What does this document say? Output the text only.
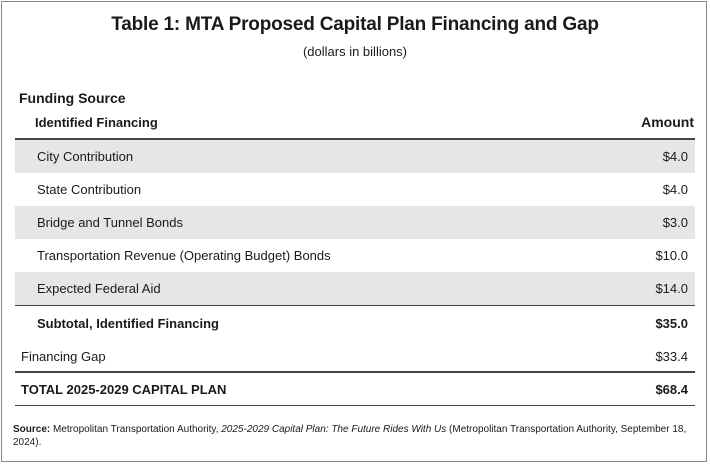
Table 1: MTA Proposed Capital Plan Financing and Gap
(dollars in billions)
Funding Source
Identified Financing	Amount
City Contribution	$4.0
State Contribution	$4.0
Bridge and Tunnel Bonds	$3.0
Transportation Revenue (Operating Budget) Bonds	$10.0
Expected Federal Aid	$14.0
Subtotal, Identified Financing	$35.0
Financing Gap	$33.4
TOTAL 2025-2029 CAPITAL PLAN	$68.4
Source: Metropolitan Transportation Authority, 2025-2029 Capital Plan: The Future Rides With Us (Metropolitan Transportation Authority, September 18, 2024).
